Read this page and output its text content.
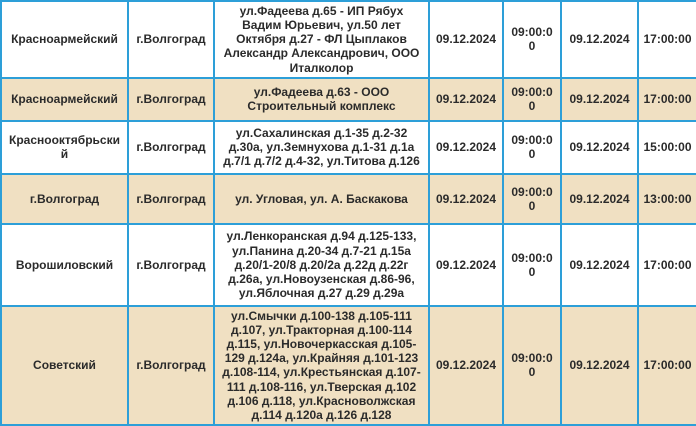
Красноармейский	г.Волгоград	ул.Фадеева д.65 - ИП Рябух Вадим Юрьевич, ул.50 лет Октября д.27 - ФЛ Цыплаков Александр Александрович, ООО Италколор	09.12.2024	09:00:00	09.12.2024	17:00:00
Красноармейский	г.Волгоград	ул.Фадеева д.63 - ООО Строительный комплекс	09.12.2024	09:00:00	09.12.2024	17:00:00
Краснооктябрьский	г.Волгоград	ул.Сахалинская д.1-35 д.2-32 д.30а, ул.Земнухова д.1-31 д.1а д.7/1 д.7/2 д.4-32, ул.Титова д.126	09.12.2024	09:00:00	09.12.2024	15:00:00
г.Волгоград	г.Волгоград	ул. Угловая, ул. А. Баскакова	09.12.2024	09:00:00	09.12.2024	13:00:00
Ворошиловский	г.Волгоград	ул.Ленкоранская д.94 д.125-133, ул.Панина д.20-34 д.7-21 д.15а д.20/1-20/8 д.20/2а д.22д д.22г д.26а, ул.Новоузенская д.86-96, ул.Яблочная д.27 д.29 д.29а	09.12.2024	09:00:00	09.12.2024	17:00:00
Советский	г.Волгоград	ул.Смычки д.100-138 д.105-111 д.107, ул.Тракторная д.100-114 д.115, ул.Новочеркасская д.105-129 д.124а, ул.Крайняя д.101-123 д.108-114, ул.Крестьянская д.107-111 д.108-116, ул.Тверская д.102 д.106 д.118, ул.Красноволжская д.114 д.120а д.126 д.128	09.12.2024	09:00:00	09.12.2024	17:00:00
